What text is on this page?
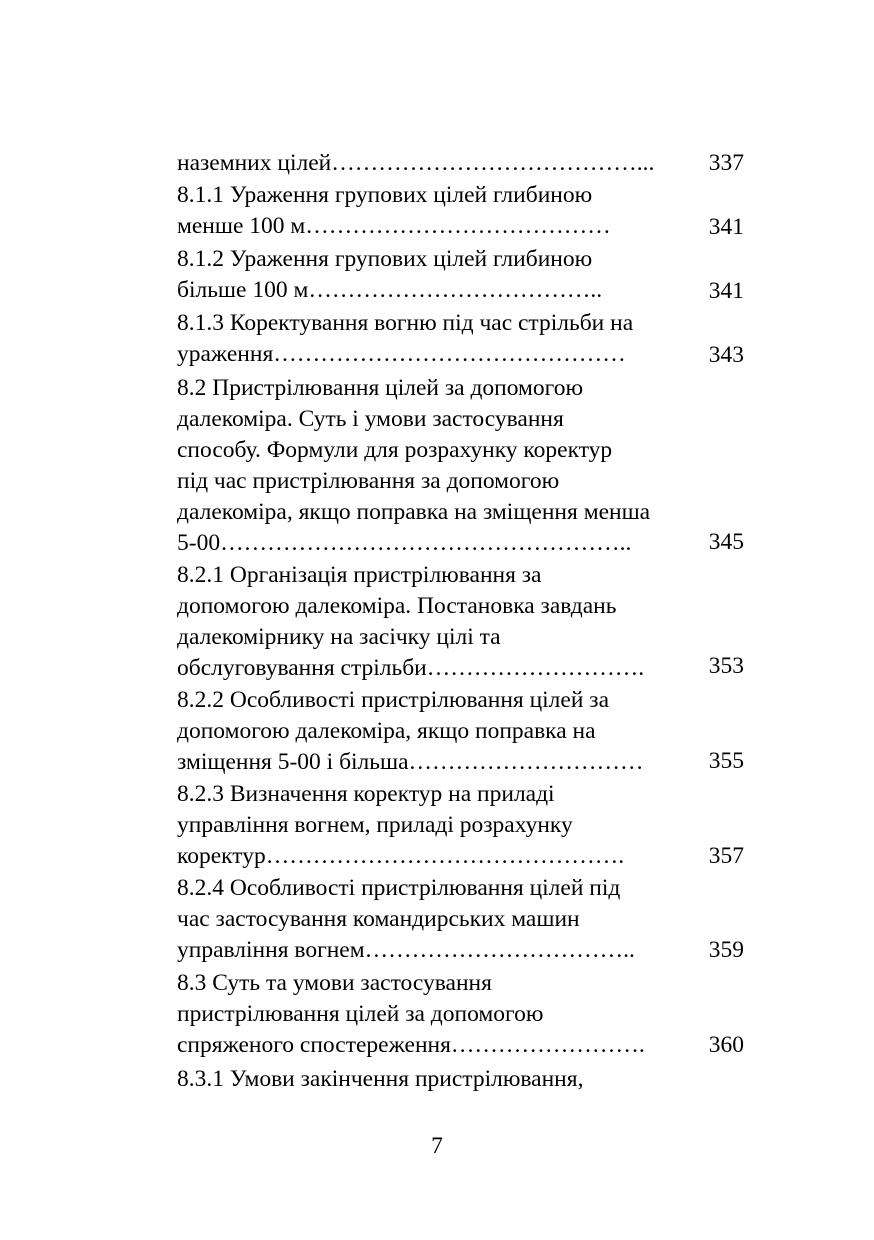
наземних цілей…………………………………...	337
8.1.1 Ураження групових цілей глибиною
менше 100 м…………………………………	341
8.1.2 Ураження групових цілей глибиною
більше 100 м………………………………..	341
8.1.3 Коректування вогню під час стрільби на
ураження………………………………………	343
8.2 Пристрілювання цілей за допомогою
далекоміра. Суть і умови застосування
способу. Формули для розрахунку коректур
під час пристрілювання за допомогою
далекоміра, якщо поправка на зміщення менша
5-00……………………………………………..	345
8.2.1 Організація пристрілювання за
допомогою далекоміра. Постановка завдань
далекомірнику на засічку цілі та
обслуговування стрільби……………………….	353
8.2.2 Особливості пристрілювання цілей за
допомогою далекоміра, якщо поправка на
зміщення 5-00 і більша…………………………	355
8.2.3 Визначення коректур на приладі
управління вогнем, приладі розрахунку
коректур……………………………………….	357
8.2.4 Особливості пристрілювання цілей під
час застосування командирських машин
управління вогнем……………………………..	359
8.3 Суть та умови застосування
пристрілювання цілей за допомогою
спряженого спостереження…………………….	360
8.3.1 Умови закінчення пристрілювання,
7
